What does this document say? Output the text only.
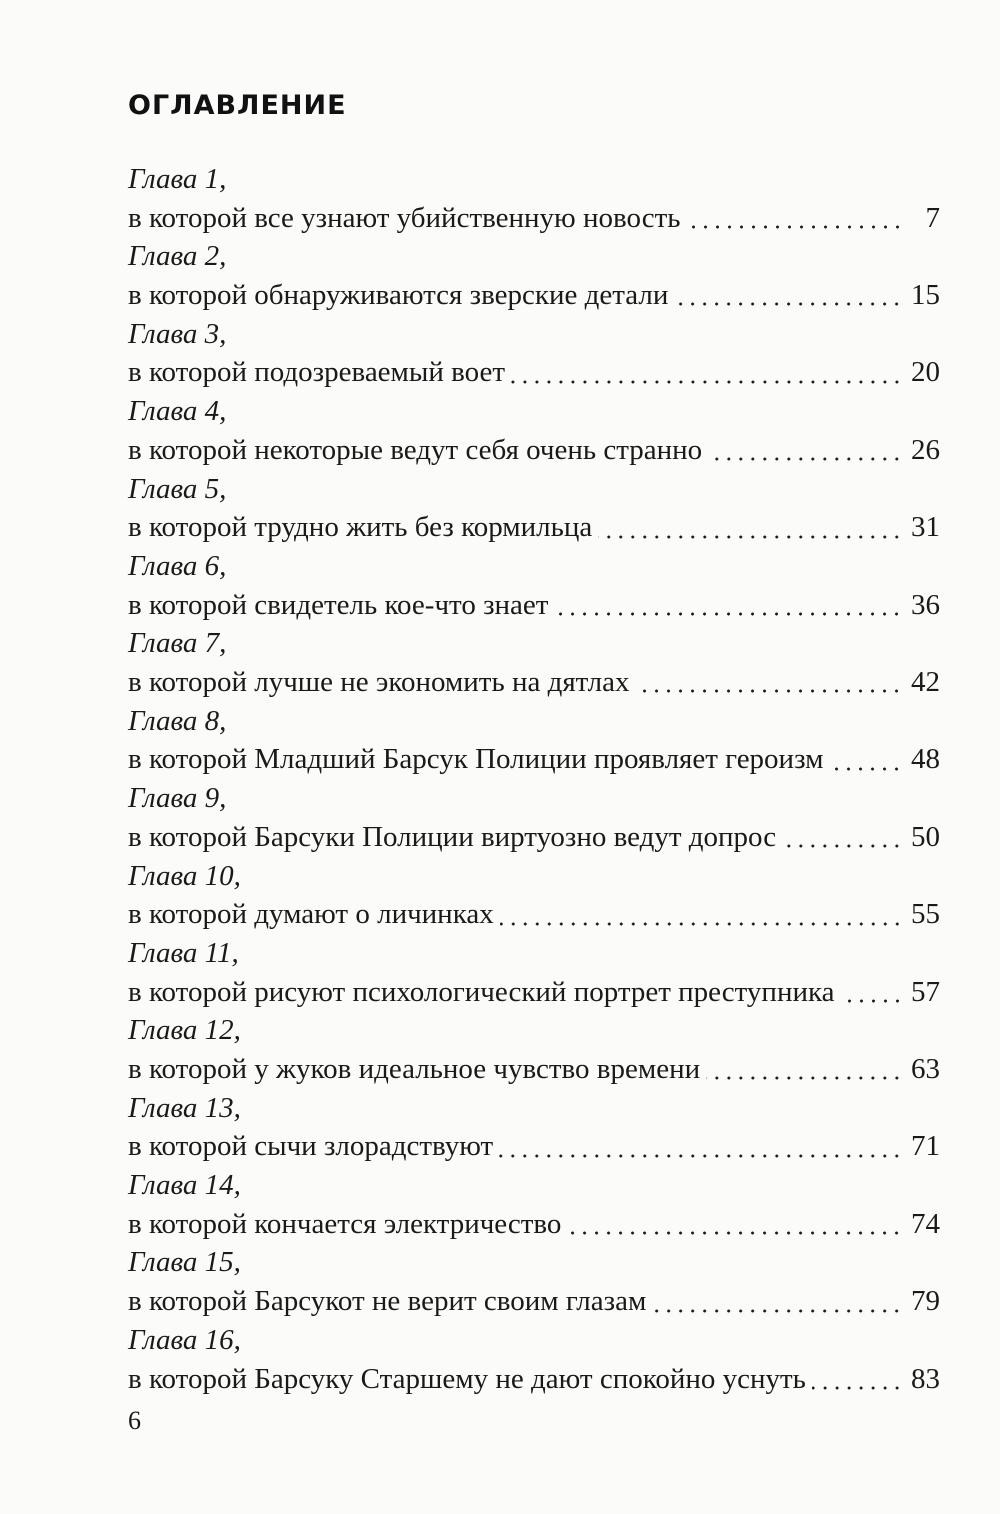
оглавление
Глава 1,
в которой все узнают убийственную новость	7
Глава 2,
в которой обнаруживаются зверские детали	15
Глава 3,
в которой подозреваемый воет	20
Глава 4,
в которой некоторые ведут себя очень странно	26
Глава 5,
в которой трудно жить без кормильца	31
Глава 6,
в которой свидетель кое-что знает	36
Глава 7,
в которой лучше не экономить на дятлах	42
Глава 8,
в которой Младший Барсук Полиции проявляет героизм	48
Глава 9,
в которой Барсуки Полиции виртуозно ведут допрос	50
Глава 10,
в которой думают о личинках	55
Глава 11,
в которой рисуют психологический портрет преступника	57
Глава 12,
в которой у жуков идеальное чувство времени	63
Глава 13,
в которой сычи злорадствуют	71
Глава 14,
в которой кончается электричество	74
Глава 15,
в которой Барсукот не верит своим глазам	79
Глава 16,
в которой Барсуку Старшему не дают спокойно уснуть	83
6
